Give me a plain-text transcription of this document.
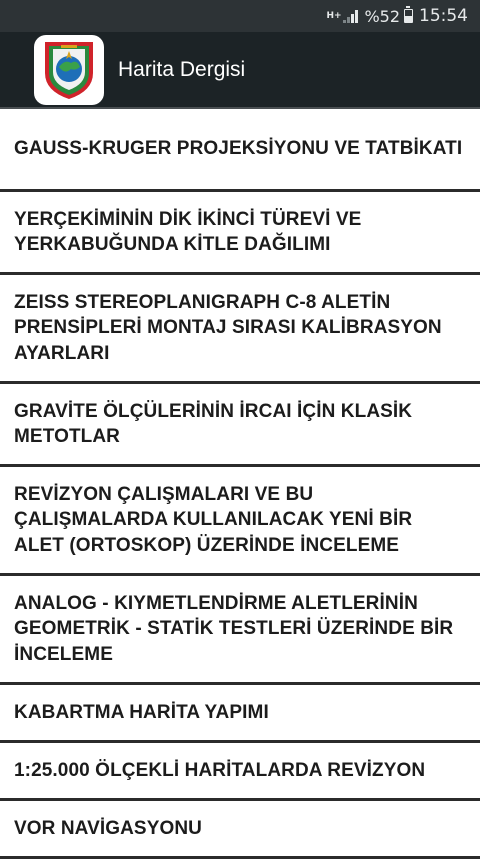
H+ %52 15:54
Harita Dergisi
GAUSS-KRUGER PROJEKSİYONU VE TATBİKATI
YERÇEKİMİNİN DİK İKİNCİ TÜREVİ VE YERKABUĞUNDA KİTLE DAĞILIMI
ZEISS STEREOPLANIGRAPH C-8 ALETİN PRENSİPLERİ MONTAJ SIRASI KALİBRASYON AYARLARI
GRAVİTE ÖLÇÜLERİNİN İRCAI İÇİN KLASİK METOTLAR
REVİZYON ÇALIŞMALARI VE BU ÇALIŞMALARDA KULLANILACAK YENİ BİR ALET (ORTOSKOP) ÜZERİNDE İNCELEME
ANALOG - KIYMETLENDİRME ALETLERİNİN GEOMETRİK - STATİK TESTLERİ ÜZERİNDE BİR İNCELEME
KABARTMA HARİTA YAPIMI
1:25.000 ÖLÇEKLİ HARİTALARDA REVİZYON
VOR NAVİGASYONU
